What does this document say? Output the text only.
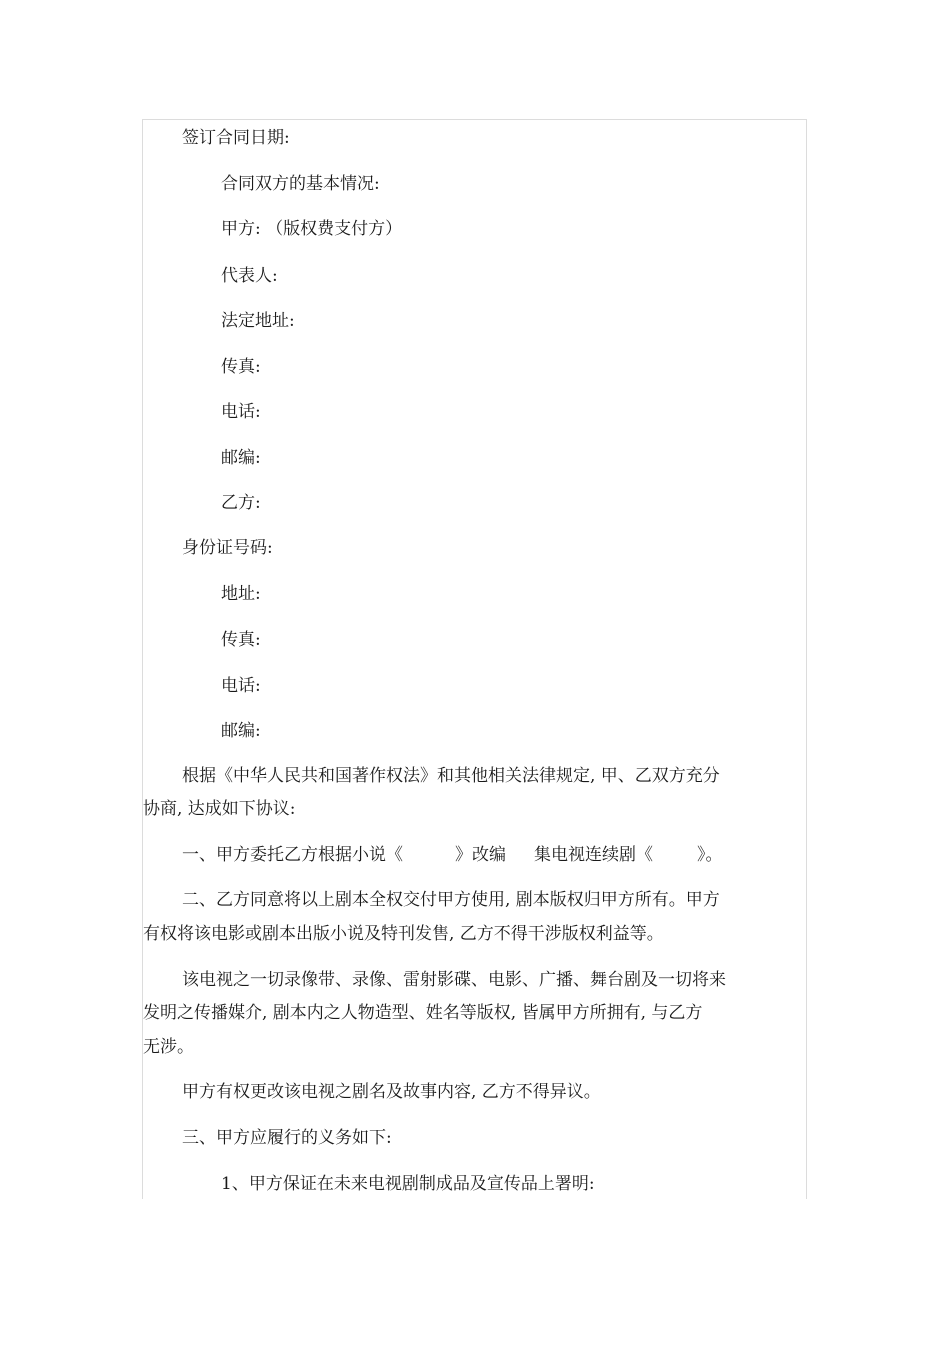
签订合同日期:
合同双方的基本情况:
甲方: （版权费支付方）
代表人:
法定地址:
传真:
电话:
邮编:
乙方:
身份证号码:
地址:
传真:
电话:
邮编:
根据《中华人民共和国著作权法》和其他相关法律规定, 甲、乙双方充分
协商, 达成如下协议:
一、甲方委托乙方根据小说《	》改编 集电视连续剧《	》。
二、乙方同意将以上剧本全权交付甲方使用, 剧本版权归甲方所有。甲方
有权将该电影或剧本出版小说及特刊发售, 乙方不得干涉版权利益等。
该电视之一切录像带、录像、雷射影碟、电影、广播、舞台剧及一切将来
发明之传播媒介, 剧本内之人物造型、姓名等版权, 皆属甲方所拥有, 与乙方
无涉。
甲方有权更改该电视之剧名及故事内容, 乙方不得异议。
三、甲方应履行的义务如下:
1、甲方保证在未来电视剧制成品及宣传品上署明:
